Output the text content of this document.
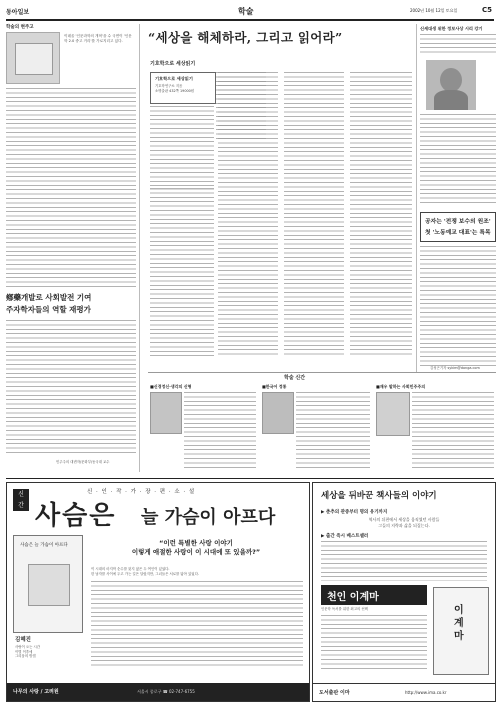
동아일보	학술	2002년 10월 12일 토요일	C5
학술의 현주고
이데올 '인문과학의 개혁'을 수 국면이 '인문학 2.0 중고 거리'를 가로지리고 있다.
鄕藥개발로 사회발전 기여
주자학자들의 역할 재평가
민주주의 대변자/문화부/동국대 교수
“세상을 해체하라, 그리고 읽어라”
기호학으로 세상읽기
기호학으로 세상읽기
기호학연구소 지음
소명출판 432쪽 19000원
신세대생 위한 정보사상 시리 강기
공자는 '전쟁 보수의 원조'
첫 '노동예교 대표'는 특목
김성곤기자 sykim@donga.com
학술 신간
■신경정신·생각의 신형	■한국어 정통	■재우 말하는 사회민주주의
신
간
신 · 인 · 작 · 가 · 장 · 편 · 소 · 설
사슴은 늘 가슴이 아프다
사슴은 늘 가슴이 아프다
김혜진
사랑이 오는 시간
이별 이후에
그리움의 방법
“이런 특별한 사랑 이야기
이렇게 애절한 사랑이 이 시대에 또 있을까?”
이 시대의 마지막 순수를 잃지 않은 두 여인이 있었다.
한 남자를 사이에 두고 가는 길은 달랐지만, 그녀들은 서로를 닮아 있었다.
나무의 사랑 / 고려원	서울시 종로구 ☎ 02-747-6755
세상을 뒤바꾼 책사들의 이야기
▶ 춘추의 관중부터 명의 유기까지
역사의 뒤편에서 세상을 움직였던 사람들
그들의 지략과 삶을 되짚는다.
▶ 출간 즉시 베스트셀러
천인 이계마
인문학 독서를 위한 최고의 선택	이계마
도서출판 이마	http://www.ima.co.kr
